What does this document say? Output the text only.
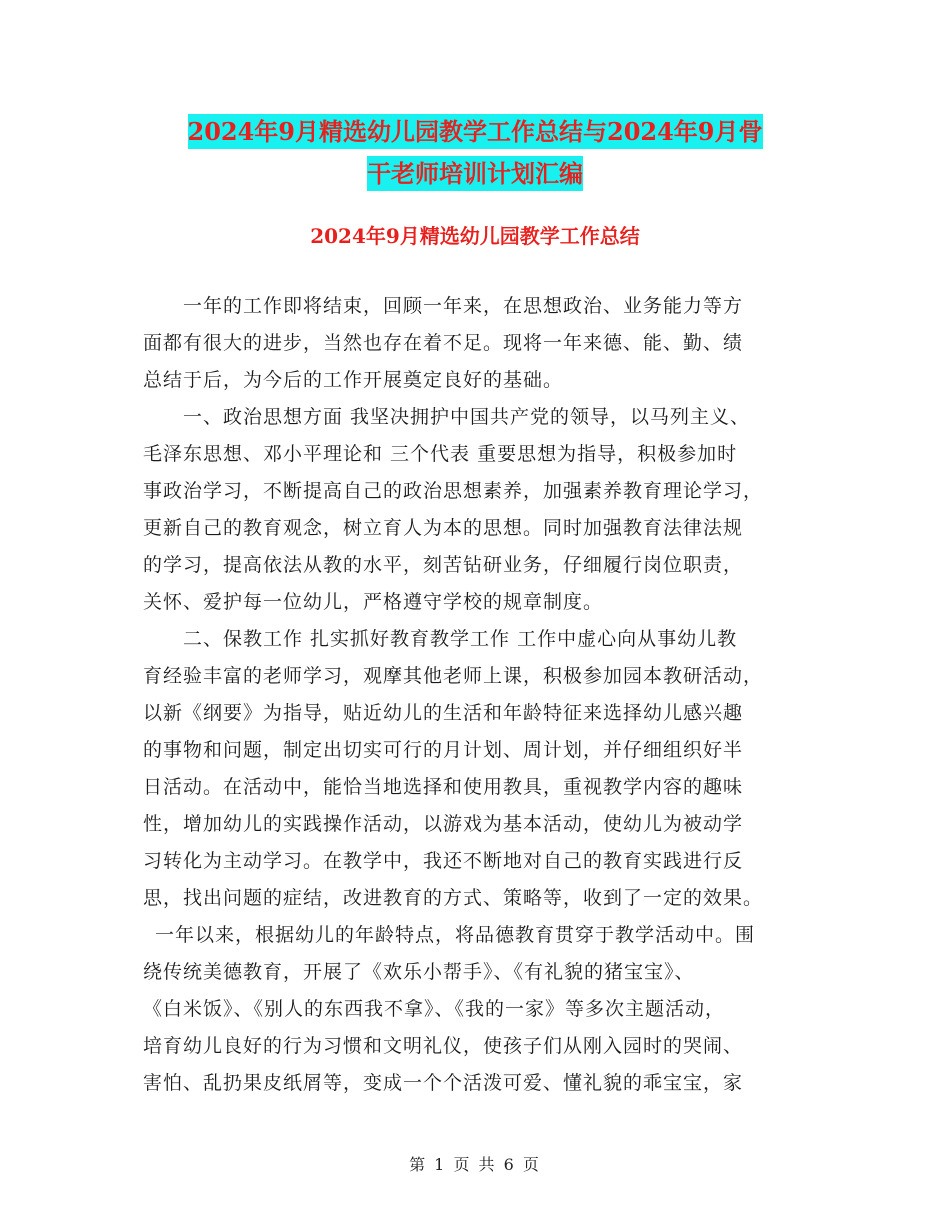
2024年9月精选幼儿园教学工作总结与2024年9月骨
干老师培训计划汇编
2024年9月精选幼儿园教学工作总结
一年的工作即将结束，回顾一年来，在思想政治、业务能力等方
面都有很大的进步，当然也存在着不足。现将一年来德、能、勤、绩
总结于后，为今后的工作开展奠定良好的基础。
一、政治思想方面 我坚决拥护中国共产党的领导，以马列主义、
毛泽东思想、邓小平理论和 三个代表 重要思想为指导，积极参加时
事政治学习，不断提高自己的政治思想素养，加强素养教育理论学习，
更新自己的教育观念，树立育人为本的思想。同时加强教育法律法规
的学习，提高依法从教的水平，刻苦钻研业务，仔细履行岗位职责，
关怀、爱护每一位幼儿，严格遵守学校的规章制度。
二、保教工作 扎实抓好教育教学工作 工作中虚心向从事幼儿教
育经验丰富的老师学习，观摩其他老师上课，积极参加园本教研活动，
以新《纲要》为指导，贴近幼儿的生活和年龄特征来选择幼儿感兴趣
的事物和问题，制定出切实可行的月计划、周计划，并仔细组织好半
日活动。在活动中，能恰当地选择和使用教具，重视教学内容的趣味
性，增加幼儿的实践操作活动，以游戏为基本活动，使幼儿为被动学
习转化为主动学习。在教学中，我还不断地对自己的教育实践进行反
思，找出问题的症结，改进教育的方式、策略等，收到了一定的效果。
一年以来，根据幼儿的年龄特点，将品德教育贯穿于教学活动中。围
绕传统美德教育，开展了《欢乐小帮手》、《有礼貌的猪宝宝》、
《白米饭》、《别人的东西我不拿》、《我的一家》等多次主题活动，
培育幼儿良好的行为习惯和文明礼仪，使孩子们从刚入园时的哭闹、
害怕、乱扔果皮纸屑等，变成一个个活泼可爱、懂礼貌的乖宝宝，家
第 1 页 共 6 页
